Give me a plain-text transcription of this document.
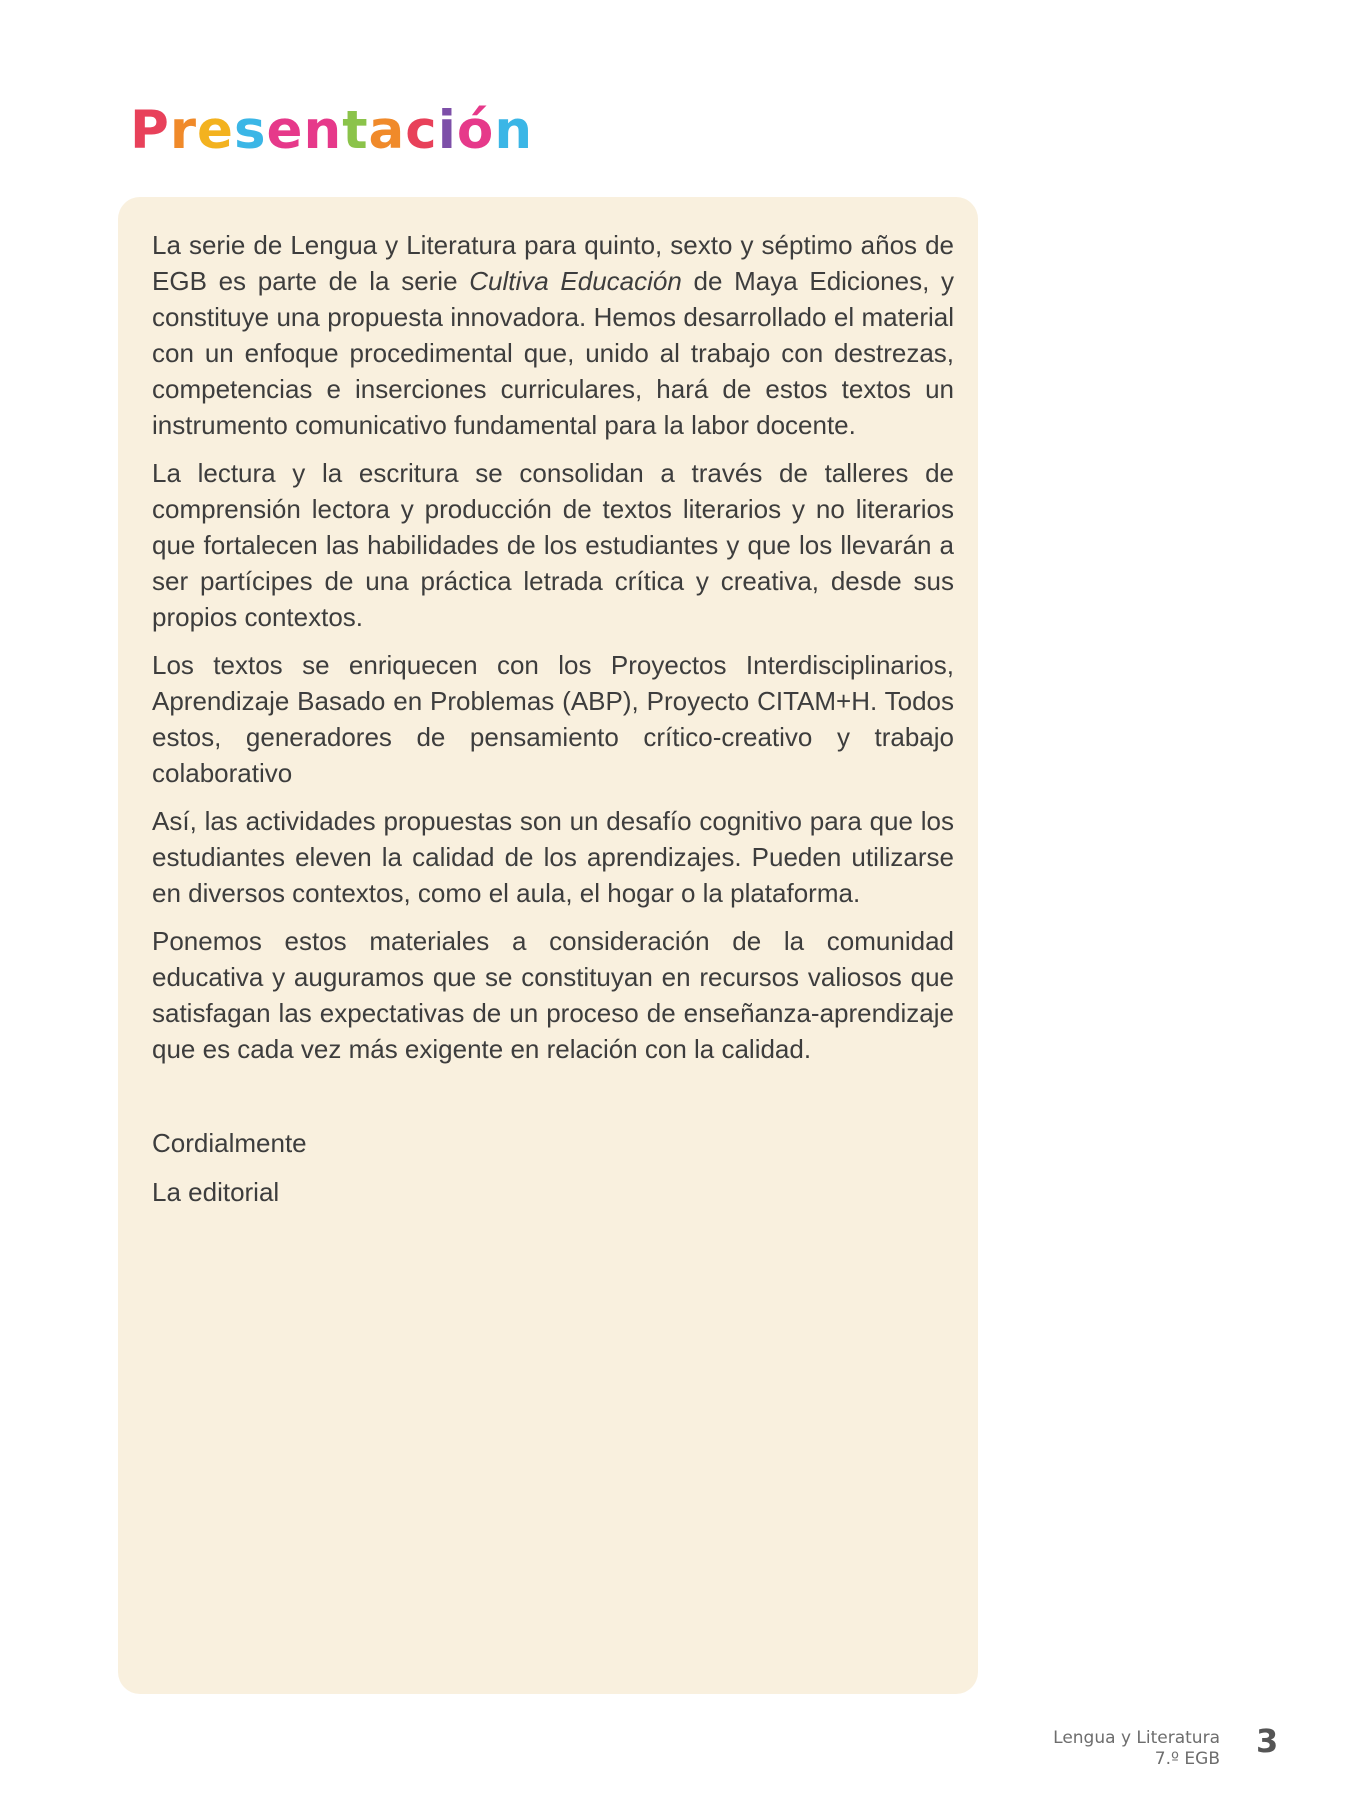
Presentación

La serie de Lengua y Literatura para quinto, sexto y séptimo años de EGB es parte de la serie Cultiva Educación de Maya Ediciones, y constituye una propuesta innovadora. Hemos desarrollado el material con un enfoque procedimental que, unido al trabajo con destrezas, competencias e inserciones curriculares, hará de estos textos un instrumento comunicativo fundamental para la labor docente.

La lectura y la escritura se consolidan a través de talleres de comprensión lectora y producción de textos literarios y no literarios que fortalecen las habilidades de los estudiantes y que los llevarán a ser partícipes de una práctica letrada crítica y creativa, desde sus propios contextos.

Los textos se enriquecen con los Proyectos Interdisciplinarios, Aprendizaje Basado en Problemas (ABP), Proyecto CITAM+H. Todos estos, generadores de pensamiento crítico-creativo y trabajo colaborativo

Así, las actividades propuestas son un desafío cognitivo para que los estudiantes eleven la calidad de los aprendizajes. Pueden utilizarse en diversos contextos, como el aula, el hogar o la plataforma.

Ponemos estos materiales a consideración de la comunidad educativa y auguramos que se constituyan en recursos valiosos que satisfagan las expectativas de un proceso de enseñanza-aprendizaje que es cada vez más exigente en relación con la calidad.

Cordialmente

La editorial

Lengua y Literatura
7.º EGB 3
